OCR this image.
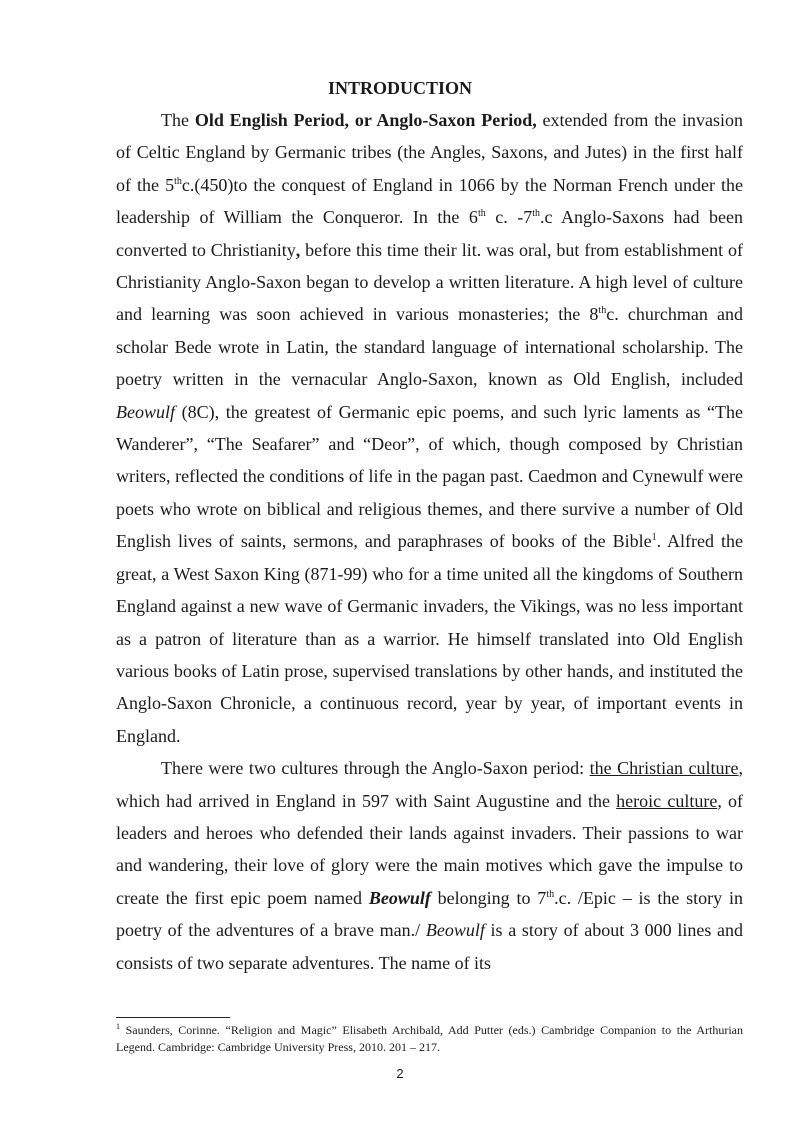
INTRODUCTION

The Old English Period, or Anglo-Saxon Period, extended from the invasion of Celtic England by Germanic tribes (the Angles, Saxons, and Jutes) in the first half of the 5thc.(450)to the conquest of England in 1066 by the Norman French under the leadership of William the Conqueror. In the 6th c. -7th.c Anglo-Saxons had been converted to Christianity, before this time their lit. was oral, but from establishment of Christianity Anglo-Saxon began to develop a written literature. A high level of culture and learning was soon achieved in various monasteries; the 8thc. churchman and scholar Bede wrote in Latin, the standard language of international scholarship. The poetry written in the vernacular Anglo-Saxon, known as Old English, included Beowulf (8C), the greatest of Germanic epic poems, and such lyric laments as “The Wanderer”, “The Seafarer” and “Deor”, of which, though composed by Christian writers, reflected the conditions of life in the pagan past. Caedmon and Cynewulf were poets who wrote on biblical and religious themes, and there survive a number of Old English lives of saints, sermons, and paraphrases of books of the Bible$^1$. Alfred the great, a West Saxon King (871-99) who for a time united all the kingdoms of Southern England against a new wave of Germanic invaders, the Vikings, was no less important as a patron of literature than as a warrior. He himself translated into Old English various books of Latin prose, supervised translations by other hands, and instituted the Anglo-Saxon Chronicle, a continuous record, year by year, of important events in England.

There were two cultures through the Anglo-Saxon period: the Christian culture, which had arrived in England in 597 with Saint Augustine and the heroic culture, of leaders and heroes who defended their lands against invaders. Their passions to war and wandering, their love of glory were the main motives which gave the impulse to create the first epic poem named Beowulf belonging to 7th.c. /Epic – is the story in poetry of the adventures of a brave man./ Beowulf is a story of about 3 000 lines and consists of two separate adventures. The name of its

$^1$ Saunders, Corinne. “Religion and Magic” Elisabeth Archibald, Add Putter (eds.) Cambridge Companion to the Arthurian Legend. Cambridge: Cambridge University Press, 2010. 201 – 217.
2
